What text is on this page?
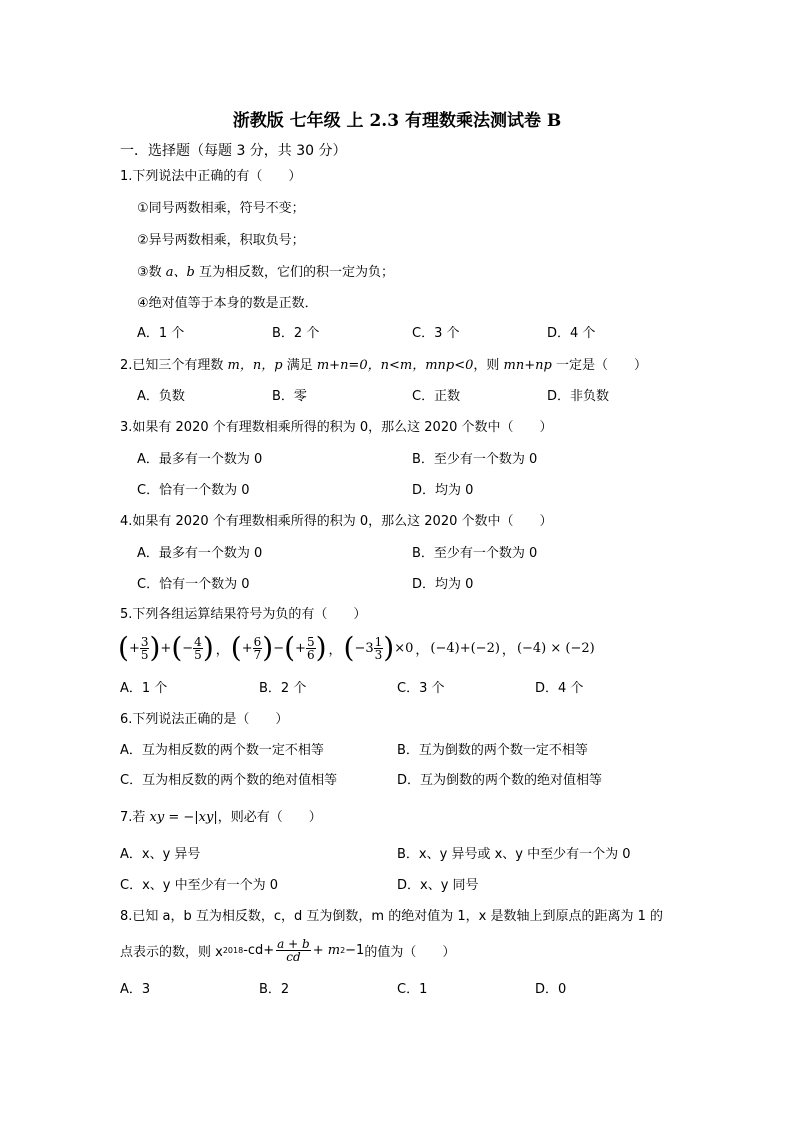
浙教版 七年级 上 2.3 有理数乘法测试卷 B
一．选择题（每题 3 分，共 30 分）
1.下列说法中正确的有（　　）
①同号两数相乘，符号不变；
②异号两数相乘，积取负号；
③数 a、b 互为相反数，它们的积一定为负；
④绝对值等于本身的数是正数．
A．1 个	B．2 个	C．3 个	D．4 个
2.已知三个有理数 m，n，p 满足 m+n=0，n<m，mnp<0，则 mn+np 一定是（　　）
A．负数	B．零	C．正数	D．非负数
3.如果有 2020 个有理数相乘所得的积为 0，那么这 2020 个数中（　　）
A．最多有一个数为 0	B．至少有一个数为 0
C．恰有一个数为 0	D．均为 0
4.如果有 2020 个有理数相乘所得的积为 0，那么这 2020 个数中（　　）
A．最多有一个数为 0	B．至少有一个数为 0
C．恰有一个数为 0	D．均为 0
5.下列各组运算结果符号为负的有（　　）
( + $\frac{3}{5}$ ) + ( − $\frac{4}{5}$ ) ， ( + $\frac{6}{7}$ ) − ( + $\frac{5}{6}$ ) ， ( $-3 \frac{1}{3}$ ) ×0 ， (−4)+(−2) ， (−4) × (−2)
A．1 个	B．2 个	C．3 个	D．4 个
6.下列说法正确的是（　　）
A．互为相反数的两个数一定不相等	B．互为倒数的两个数一定不相等
C．互为相反数的两个数的绝对值相等	D．互为倒数的两个数的绝对值相等
7.若 xy = −|xy|，则必有（　　）
A．x、y 异号	B．x、y 异号或 x、y 中至少有一个为 0
C．x、y 中至少有一个为 0	D．x、y 同号
8.已知 a，b 互为相反数，c，d 互为倒数，m 的绝对值为 1，x 是数轴上到原点的距离为 1 的
点表示的数，则 x 2018 $-cd+ \frac{a + b}{cd} + m$ 2 −1 的值为（　　）
A．3	B．2	C．1	D．0
